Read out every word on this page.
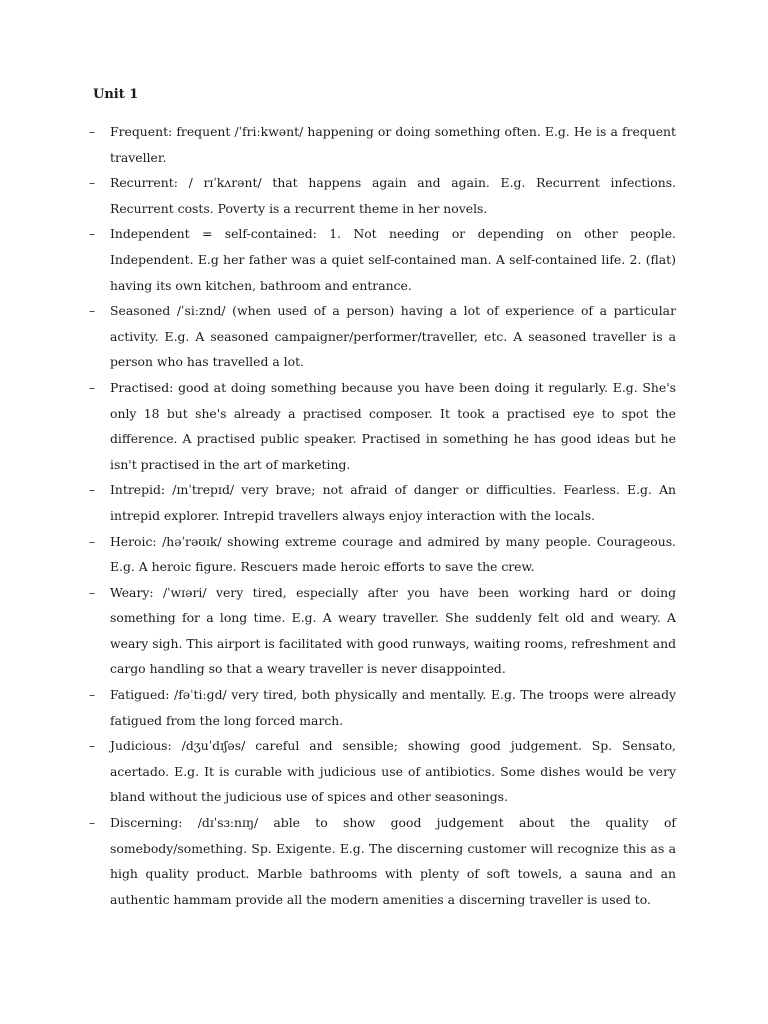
Unit 1
– Frequent: frequent /ˈfriːkwənt/ happening or doing something often. E.g. He is a frequent traveller.
– Recurrent: / rɪˈkʌrənt/ that happens again and again. E.g. Recurrent infections. Recurrent costs. Poverty is a recurrent theme in her novels.
– Independent = self-contained: 1. Not needing or depending on other people. Independent. E.g her father was a quiet self-contained man. A self-contained life. 2. (flat) having its own kitchen, bathroom and entrance.
– Seasoned /ˈsiːznd/ (when used of a person) having a lot of experience of a particular activity. E.g. A seasoned campaigner/performer/traveller, etc. A seasoned traveller is a person who has travelled a lot.
– Practised: good at doing something because you have been doing it regularly. E.g. She's only 18 but she's already a practised composer. It took a practised eye to spot the difference. A practised public speaker. Practised in something he has good ideas but he isn't practised in the art of marketing.
– Intrepid: /ɪnˈtrepɪd/ very brave; not afraid of danger or difficulties. Fearless. E.g. An intrepid explorer. Intrepid travellers always enjoy interaction with the locals.
– Heroic: /həˈrəʊɪk/ showing extreme courage and admired by many people. Courageous. E.g. A heroic figure. Rescuers made heroic efforts to save the crew.
– Weary: /ˈwɪəri/ very tired, especially after you have been working hard or doing something for a long time. E.g. A weary traveller. She suddenly felt old and weary. A weary sigh. This airport is facilitated with good runways, waiting rooms, refreshment and cargo handling so that a weary traveller is never disappointed.
– Fatigued: /fəˈtiːɡd/ very tired, both physically and mentally. E.g. The troops were already fatigued from the long forced march.
– Judicious: /dʒuˈdɪʃəs/ careful and sensible; showing good judgement. Sp. Sensato, acertado. E.g. It is curable with judicious use of antibiotics. Some dishes would be very bland without the judicious use of spices and other seasonings.
– Discerning: /dɪˈsɜːnɪŋ/ able to show good judgement about the quality of somebody/something. Sp. Exigente. E.g. The discerning customer will recognize this as a high quality product. Marble bathrooms with plenty of soft towels, a sauna and an authentic hammam provide all the modern amenities a discerning traveller is used to.
